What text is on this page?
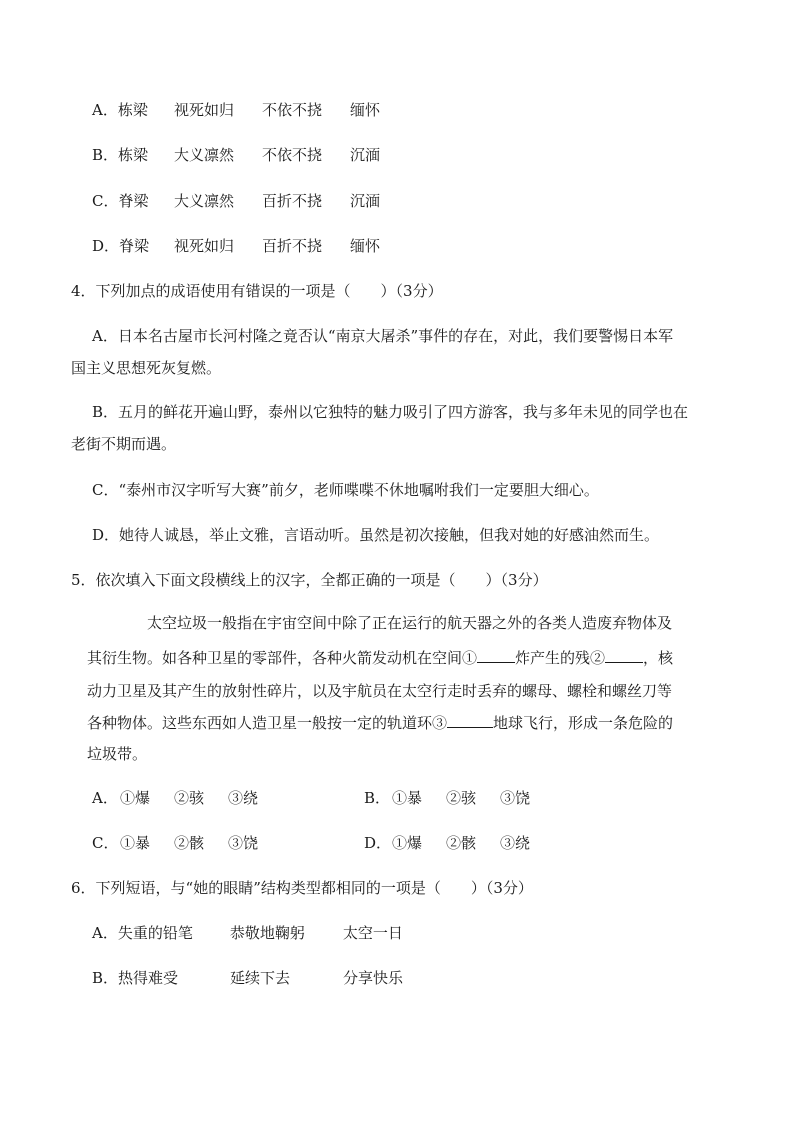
A．栋梁 视死如归 不依不挠 缅怀
B．栋梁 大义凛然 不依不挠 沉湎
C．脊梁 大义凛然 百折不挠 沉湎
D．脊梁 视死如归 百折不挠 缅怀
4．下列加点的成语使用有错误的一项是（　　）（3分）
A．日本名古屋市长河村隆之竟否认“南京大屠杀”事件的存在，对此，我们要警惕日本军
国主义思想死灰复燃。
B．五月的鲜花开遍山野，泰州以它独特的魅力吸引了四方游客，我与多年未见的同学也在
老街不期而遇。
C．“泰州市汉字听写大赛”前夕，老师喋喋不休地嘱咐我们一定要胆大细心。
D．她待人诚恳，举止文雅，言语动听。虽然是初次接触，但我对她的好感油然而生。
5．依次填入下面文段横线上的汉字，全都正确的一项是（　　）（3分）
太空垃圾一般指在宇宙空间中除了正在运行的航天器之外的各类人造废弃物体及
其衍生物。如各种卫星的零部件，各种火箭发动机在空间①	炸产生的残②	，核
动力卫星及其产生的放射性碎片，以及宇航员在太空行走时丢弃的螺母、螺栓和螺丝刀等
各种物体。这些东西如人造卫星一般按一定的轨道环③	地球飞行，形成一条危险的
垃圾带。
A． ①爆 ②骇 ③绕	B． ①暴 ②骇 ③饶
C． ①暴 ②骸 ③饶	D．①爆 ②骸 ③绕
6．下列短语，与“她的眼睛”结构类型都相同的一项是（　　）（3分）
A．失重的铅笔 恭敬地鞠躬	太空一日
B．热得难受	延续下去	分享快乐
